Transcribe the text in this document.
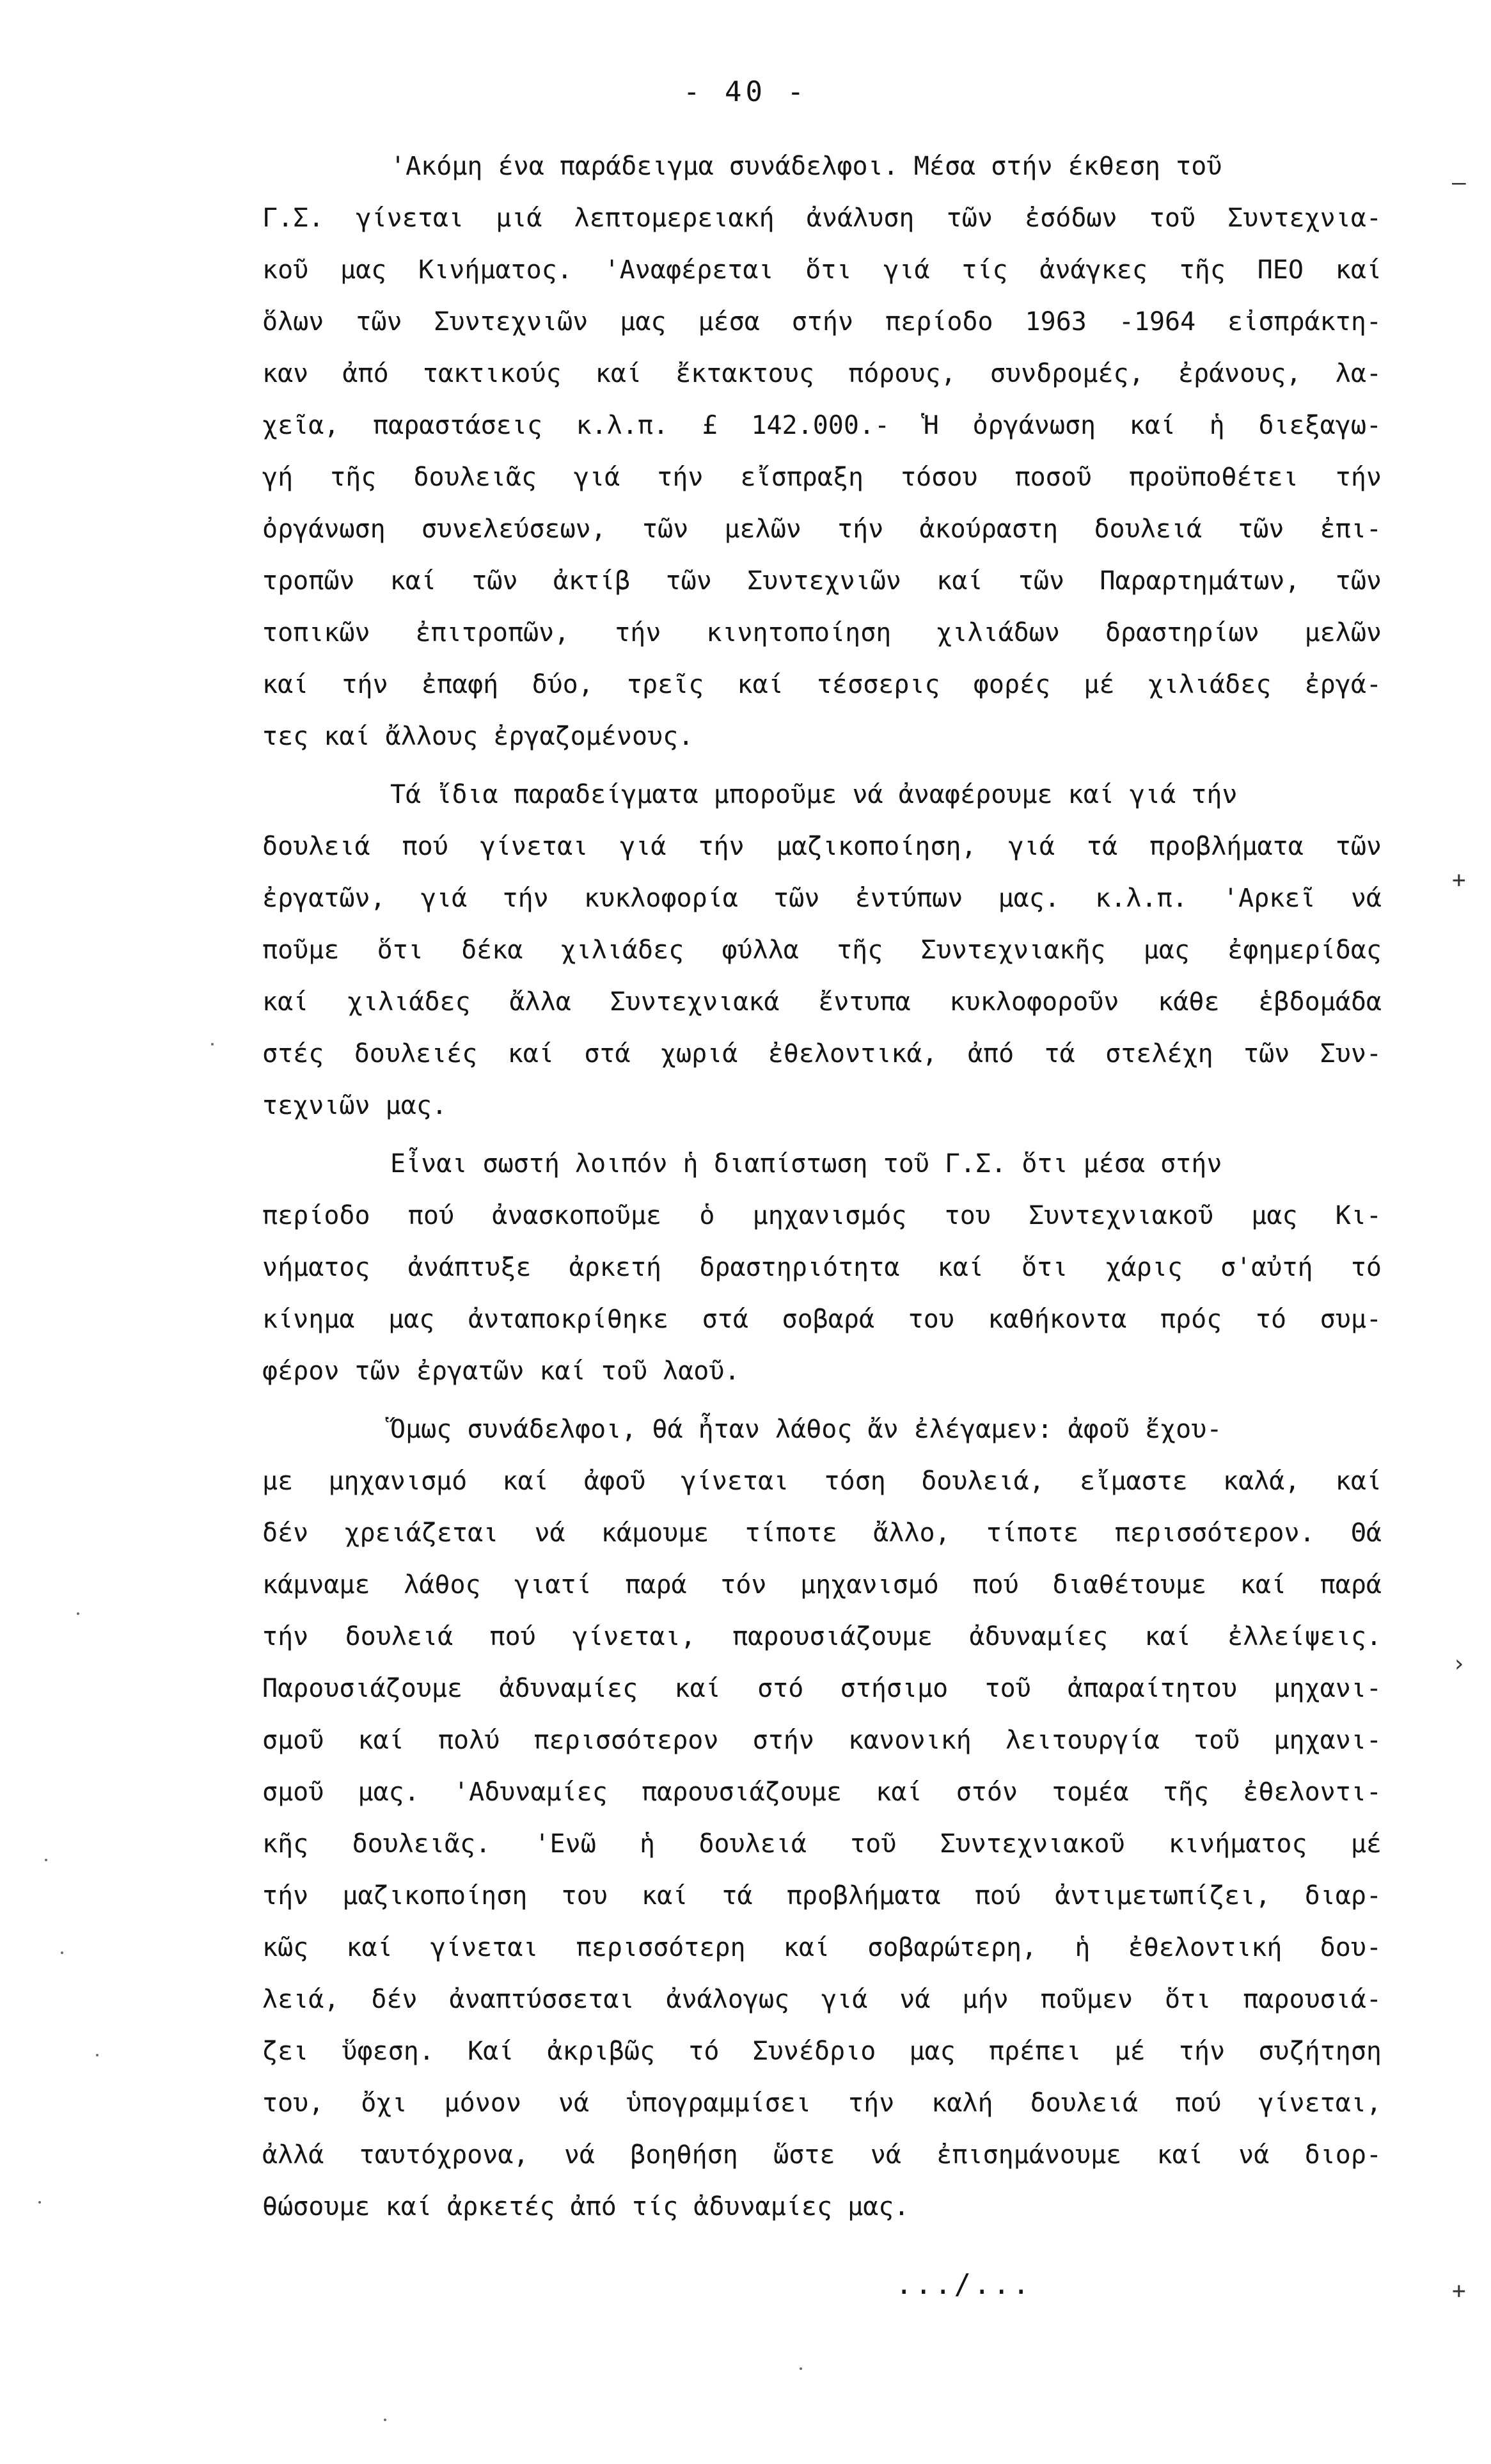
- 40 -
'Ακόμη ένα παράδειγμα συνάδελφοι. Μέσα στήν έκθεση τοῦ
Γ.Σ. γίνεται μιά λεπτομερειακή ἀνάλυση τῶν ἐσόδων τοῦ Συντεχνια-
κοῦ μας Κινήματος. 'Αναφέρεται ὅτι γιά τίς ἀνάγκες τῆς ΠΕΟ καί
ὅλων τῶν Συντεχνιῶν μας μέσα στήν περίοδο 1963 -1964 εἰσπράκτη-
καν ἀπό τακτικούς καί ἔκτακτους πόρους, συνδρομές, ἐράνους, λα-
χεῖα, παραστάσεις κ.λ.π. £ 142.000.- Ἡ ὀργάνωση καί ἡ διεξαγω-
γή τῆς δουλειᾶς γιά τήν εἴσπραξη τόσου ποσοῦ προϋποθέτει τήν
ὀργάνωση συνελεύσεων, τῶν μελῶν τήν ἀκούραστη δουλειά τῶν ἐπι-
τροπῶν καί τῶν ἀκτίβ τῶν Συντεχνιῶν καί τῶν Παραρτημάτων, τῶν
τοπικῶν ἐπιτροπῶν, τήν κινητοποίηση χιλιάδων δραστηρίων μελῶν
καί τήν ἐπαφή δύο, τρεῖς καί τέσσερις φορές μέ χιλιάδες ἐργά-
τες καί ἄλλους ἐργαζομένους.
Τά ἴδια παραδείγματα μποροῦμε νά ἀναφέρουμε καί γιά τήν
δουλειά πού γίνεται γιά τήν μαζικοποίηση, γιά τά προβλήματα τῶν
ἐργατῶν, γιά τήν κυκλοφορία τῶν ἐντύπων μας. κ.λ.π. 'Αρκεῖ νά
ποῦμε ὅτι δέκα χιλιάδες φύλλα τῆς Συντεχνιακῆς μας ἐφημερίδας
καί χιλιάδες ἄλλα Συντεχνιακά ἔντυπα κυκλοφοροῦν κάθε ἑβδομάδα
στές δουλειές καί στά χωριά ἐθελοντικά, ἀπό τά στελέχη τῶν Συν-
τεχνιῶν μας.
Εἶναι σωστή λοιπόν ἡ διαπίστωση τοῦ Γ.Σ. ὅτι μέσα στήν
περίοδο πού ἀνασκοποῦμε ὁ μηχανισμός του Συντεχνιακοῦ μας Κι-
νήματος ἀνάπτυξε ἀρκετή δραστηριότητα καί ὅτι χάρις σ'αὐτή τό
κίνημα μας ἀνταποκρίθηκε στά σοβαρά του καθήκοντα πρός τό συμ-
φέρον τῶν ἐργατῶν καί τοῦ λαοῦ.
Ὅμως συνάδελφοι, θά ἦταν λάθος ἄν ἐλέγαμεν: ἀφοῦ ἔχου-
με μηχανισμό καί ἀφοῦ γίνεται τόση δουλειά, εἴμαστε καλά, καί
δέν χρειάζεται νά κάμουμε τίποτε ἄλλο, τίποτε περισσότερον. Θά
κάμναμε λάθος γιατί παρά τόν μηχανισμό πού διαθέτουμε καί παρά
τήν δουλειά πού γίνεται, παρουσιάζουμε ἀδυναμίες καί ἐλλείψεις.
Παρουσιάζουμε ἀδυναμίες καί στό στήσιμο τοῦ ἀπαραίτητου μηχανι-
σμοῦ καί πολύ περισσότερον στήν κανονική λειτουργία τοῦ μηχανι-
σμοῦ μας. 'Αδυναμίες παρουσιάζουμε καί στόν τομέα τῆς ἐθελοντι-
κῆς δουλειᾶς. 'Ενῶ ἡ δουλειά τοῦ Συντεχνιακοῦ κινήματος μέ
τήν μαζικοποίηση του καί τά προβλήματα πού ἀντιμετωπίζει, διαρ-
κῶς καί γίνεται περισσότερη καί σοβαρώτερη, ἡ ἐθελοντική δου-
λειά, δέν ἀναπτύσσεται ἀνάλογως γιά νά μήν ποῦμεν ὅτι παρουσιά-
ζει ὕφεση. Καί ἀκριβῶς τό Συνέδριο μας πρέπει μέ τήν συζήτηση
του, ὄχι μόνον νά ὑπογραμμίσει τήν καλή δουλειά πού γίνεται,
ἀλλά ταυτόχρονα, νά βοηθήση ὥστε νά ἐπισημάνουμε καί νά διορ-
θώσουμε καί ἀρκετές ἀπό τίς ἀδυναμίες μας.
.../...
—
+
›
+
